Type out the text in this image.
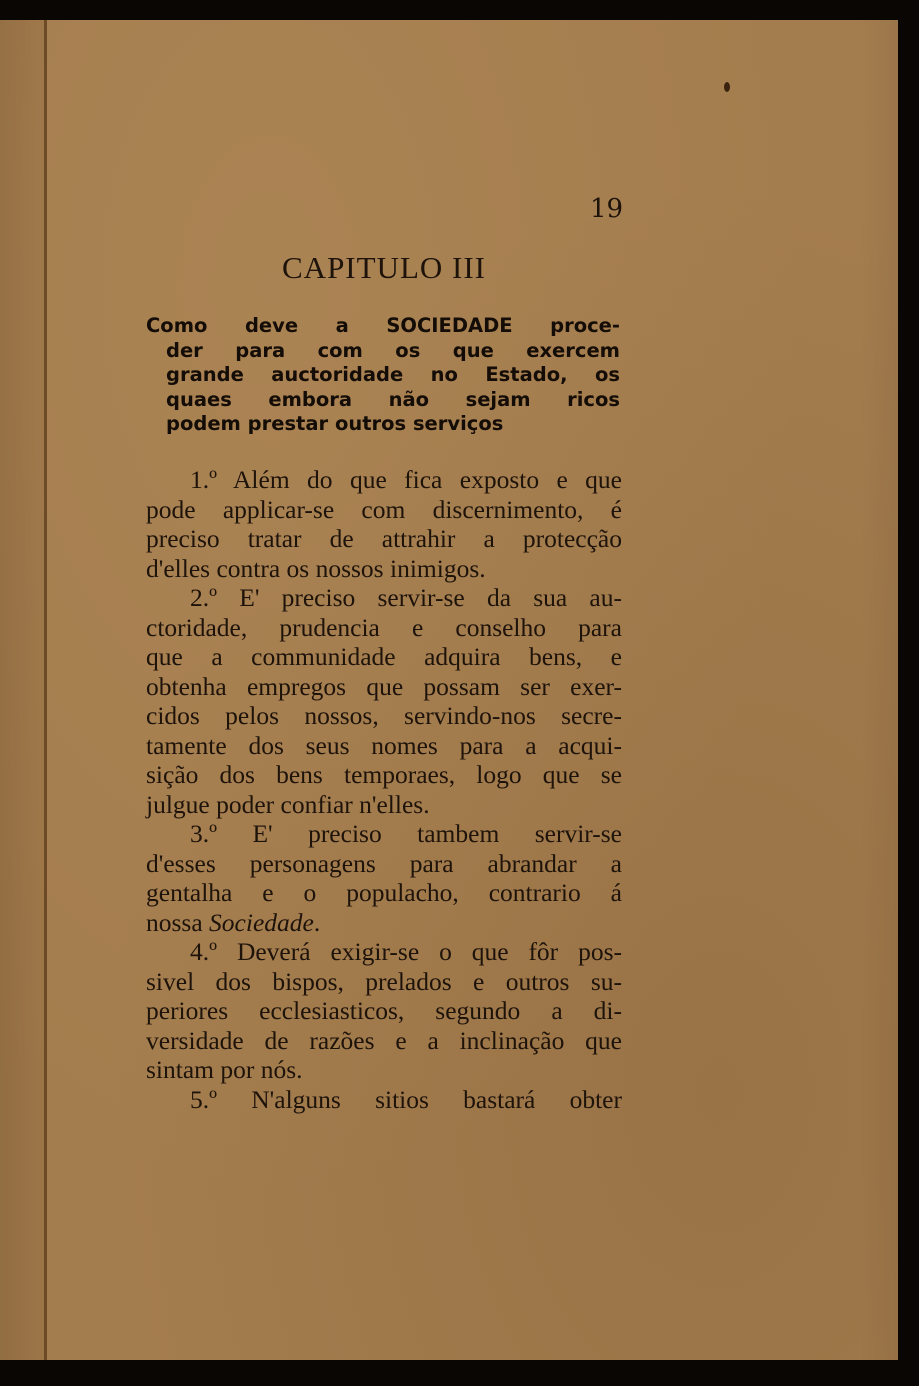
19
CAPITULO III
Como deve a SOCIEDADE proce-
der para com os que exercem
grande auctoridade no Estado, os
quaes embora não sejam ricos
podem prestar outros serviços
1.º Além do que fica exposto e que
pode applicar-se com discernimento, é
preciso tratar de attrahir a protecção
d'elles contra os nossos inimigos.
2.º E' preciso servir-se da sua au-
ctoridade, prudencia e conselho para
que a communidade adquira bens, e
obtenha empregos que possam ser exer-
cidos pelos nossos, servindo-nos secre-
tamente dos seus nomes para a acqui-
sição dos bens temporaes, logo que se
julgue poder confiar n'elles.
3.º E' preciso tambem servir-se
d'esses personagens para abrandar a
gentalha e o populacho, contrario á
nossa Sociedade.
4.º Deverá exigir-se o que fôr pos-
sivel dos bispos, prelados e outros su-
periores ecclesiasticos, segundo a di-
versidade de razões e a inclinação que
sintam por nós.
5.º N'alguns sitios bastará obter
